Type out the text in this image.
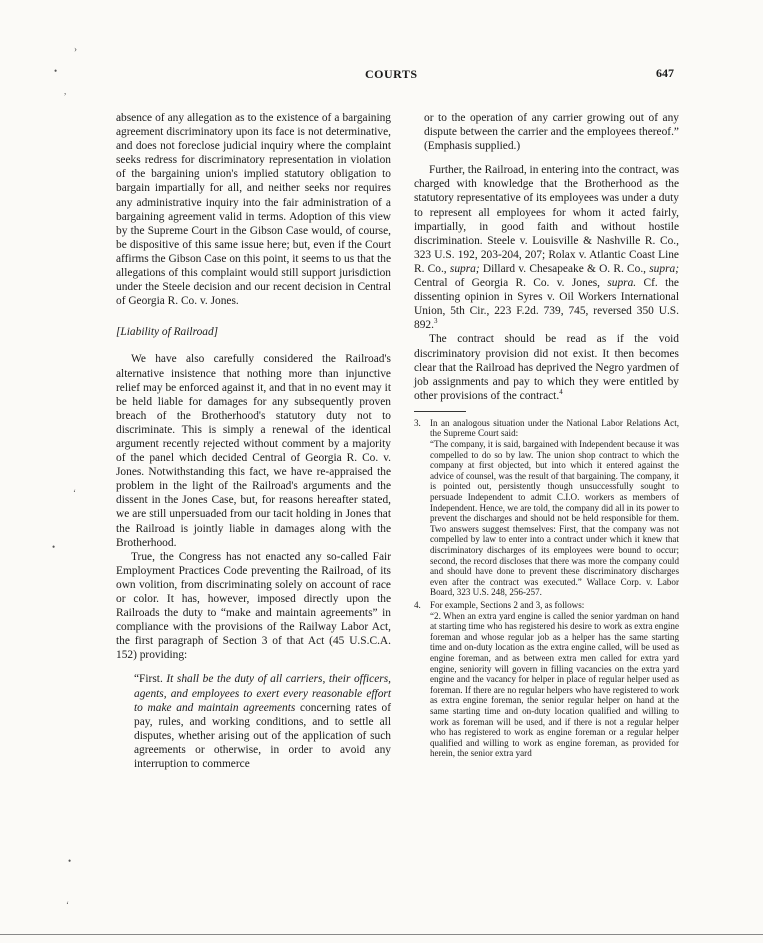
COURTS	647
›
•
,
‘
•
•
‘

absence of any allegation as to the existence of a bargaining agreement discriminatory upon its face is not determinative, and does not foreclose judicial inquiry where the complaint seeks redress for discriminatory representation in violation of the bargaining union's implied statutory obligation to bargain impartially for all, and neither seeks nor requires any administrative inquiry into the fair administration of a bargaining agreement valid in terms. Adoption of this view by the Supreme Court in the Gibson Case would, of course, be dispositive of this same issue here; but, even if the Court affirms the Gibson Case on this point, it seems to us that the allegations of this complaint would still support jurisdiction under the Steele decision and our recent decision in Central of Georgia R. Co. v. Jones.

[Liability of Railroad]

We have also carefully considered the Railroad's alternative insistence that nothing more than injunctive relief may be enforced against it, and that in no event may it be held liable for damages for any subsequently proven breach of the Brotherhood's statutory duty not to discriminate. This is simply a renewal of the identical argument recently rejected without comment by a majority of the panel which decided Central of Georgia R. Co. v. Jones. Notwithstanding this fact, we have re-appraised the problem in the light of the Railroad's arguments and the dissent in the Jones Case, but, for reasons hereafter stated, we are still unpersuaded from our tacit holding in Jones that the Railroad is jointly liable in damages along with the Brotherhood.

True, the Congress has not enacted any so-called Fair Employment Practices Code preventing the Railroad, of its own volition, from discriminating solely on account of race or color. It has, however, imposed directly upon the Railroads the duty to “make and maintain agreements” in compliance with the provisions of the Railway Labor Act, the first paragraph of Section 3 of that Act (45 U.S.C.A. 152) providing:

“First. It shall be the duty of all carriers, their officers, agents, and employees to exert every reasonable effort to make and maintain agreements concerning rates of pay, rules, and working conditions, and to settle all disputes, whether arising out of the application of such agreements or otherwise, in order to avoid any interruption to commerce

or to the operation of any carrier growing out of any dispute between the carrier and the employees thereof.” (Emphasis supplied.)

Further, the Railroad, in entering into the contract, was charged with knowledge that the Brotherhood as the statutory representative of its employees was under a duty to represent all employees for whom it acted fairly, impartially, in good faith and without hostile discrimination. Steele v. Louisville & Nashville R. Co., 323 U.S. 192, 203-204, 207; Rolax v. Atlantic Coast Line R. Co., supra; Dillard v. Chesapeake & O. R. Co., supra; Central of Georgia R. Co. v. Jones, supra. Cf. the dissenting opinion in Syres v. Oil Workers International Union, 5th Cir., 223 F.2d. 739, 745, reversed 350 U.S. 892.$^3$

The contract should be read as if the void discriminatory provision did not exist. It then becomes clear that the Railroad has deprived the Negro yardmen of job assignments and pay to which they were entitled by other provisions of the contract.$^4$

3. In an analogous situation under the National Labor Relations Act, the Supreme Court said:

“The company, it is said, bargained with Independent because it was compelled to do so by law. The union shop contract to which the company at first objected, but into which it entered against the advice of counsel, was the result of that bargaining. The company, it is pointed out, persistently though unsuccessfully sought to persuade Independent to admit C.I.O. workers as members of Independent. Hence, we are told, the company did all in its power to prevent the discharges and should not be held responsible for them. Two answers suggest themselves: First, that the company was not compelled by law to enter into a contract under which it knew that discriminatory discharges of its employees were bound to occur; second, the record discloses that there was more the company could and should have done to prevent these discriminatory discharges even after the contract was executed.” Wallace Corp. v. Labor Board, 323 U.S. 248, 256-257.

4. For example, Sections 2 and 3, as follows:

“2. When an extra yard engine is called the senior yardman on hand at starting time who has registered his desire to work as extra engine foreman and whose regular job as a helper has the same starting time and on-duty location as the extra engine called, will be used as engine foreman, and as between extra men called for extra yard engine, seniority will govern in filling vacancies on the extra yard engine and the vacancy for helper in place of regular helper used as foreman. If there are no regular helpers who have registered to work as extra engine foreman, the senior regular helper on hand at the same starting time and on-duty location qualified and willing to work as foreman will be used, and if there is not a regular helper who has registered to work as engine foreman or a regular helper qualified and willing to work as engine foreman, as provided for herein, the senior extra yard
